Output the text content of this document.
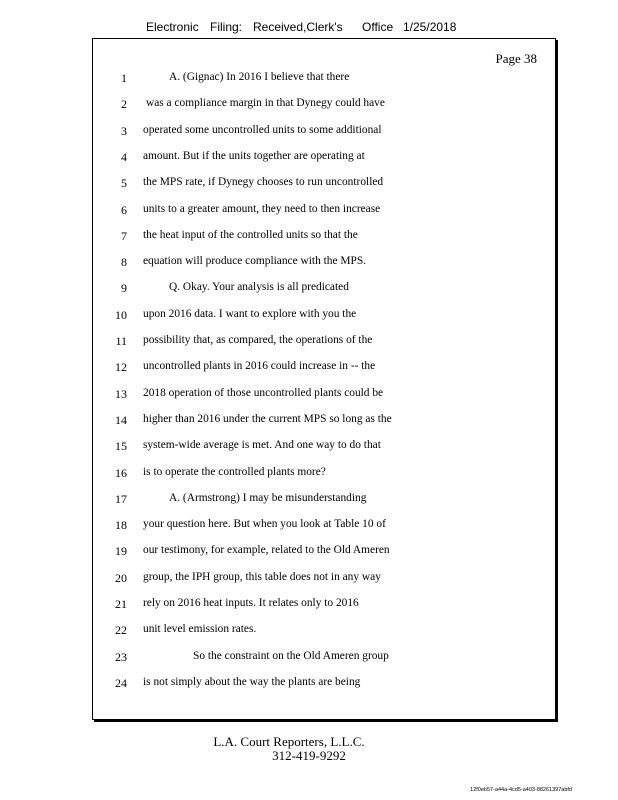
Electronic Filing: Received,Clerk's Office 1/25/2018
Page 38
1	A. (Gignac) In 2016 I believe that there
2 was a compliance margin in that Dynegy could have
3 operated some uncontrolled units to some additional
4 amount. But if the units together are operating at
5 the MPS rate, if Dynegy chooses to run uncontrolled
6 units to a greater amount, they need to then increase
7 the heat input of the controlled units so that the
8 equation will produce compliance with the MPS.
9	Q. Okay. Your analysis is all predicated
10 upon 2016 data. I want to explore with you the
11 possibility that, as compared, the operations of the
12 uncontrolled plants in 2016 could increase in -- the
13 2018 operation of those uncontrolled plants could be
14 higher than 2016 under the current MPS so long as the
15 system-wide average is met. And one way to do that
16 is to operate the controlled plants more?
17	A. (Armstrong) I may be misunderstanding
18 your question here. But when you look at Table 10 of
19 our testimony, for example, related to the Old Ameren
20 group, the IPH group, this table does not in any way
21 rely on 2016 heat inputs. It relates only to 2016
22 unit level emission rates.
23	So the constraint on the Old Ameren group
24 is not simply about the way the plants are being
L.A. Court Reporters, L.L.C.
312-419-9292
12f0eb57-a44a-4cd5-a403-88261397abfd
